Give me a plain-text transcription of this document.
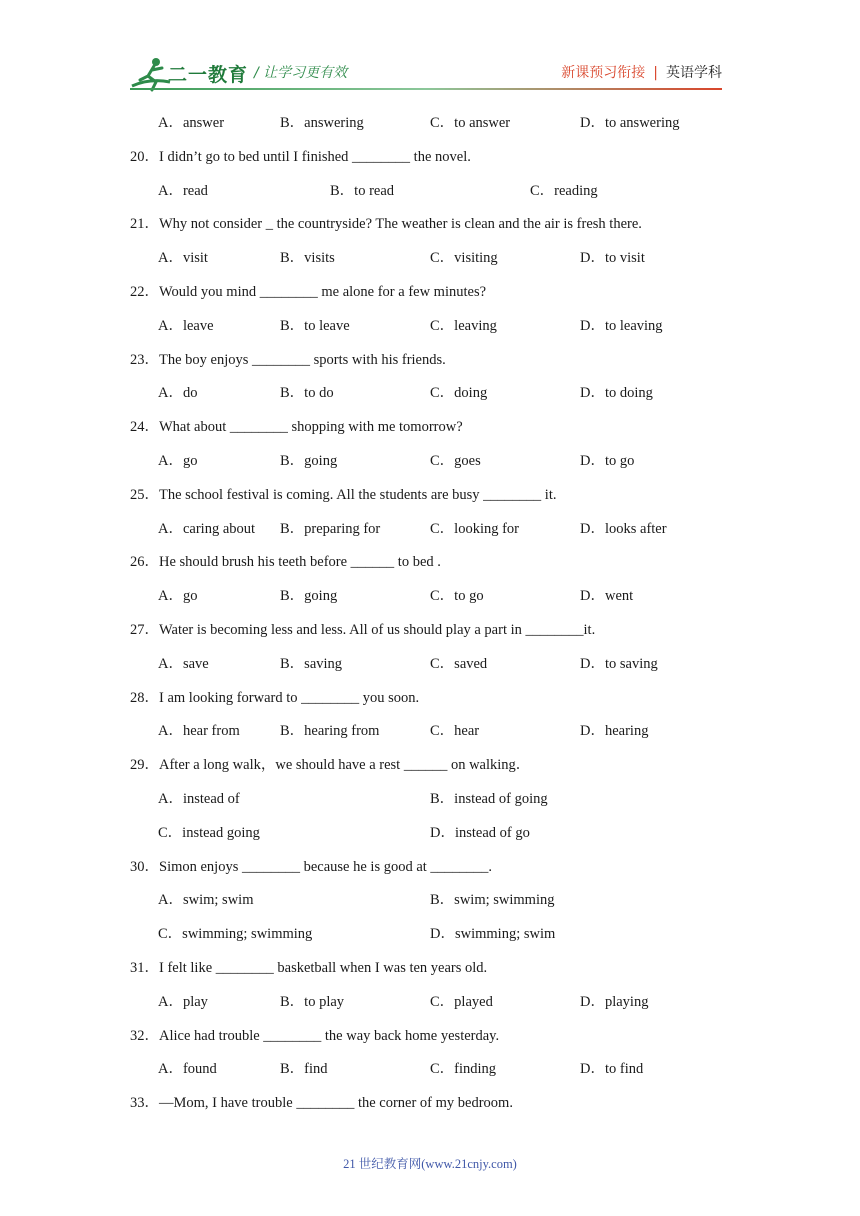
二一教育 / 让学习更有效	新课预习衔接 | 英语学科
A．answer	B．answering	C．to answer	D．to answering
20．I didn’t go to bed until I finished ________ the novel.
A．read	B．to read	C．reading
21．Why not consider _ the countryside? The weather is clean and the air is fresh there.
A．visit	B．visits	C．visiting	D．to visit
22．Would you mind ________ me alone for a few minutes?
A．leave	B．to leave	C．leaving	D．to leaving
23．The boy enjoys ________ sports with his friends.
A．do	B．to do	C．doing	D．to doing
24．What about ________ shopping with me tomorrow?
A．go	B．going	C．goes	D．to go
25．The school festival is coming. All the students are busy ________ it.
A．caring about B．preparing for	C．looking for	D．looks after
26．He should brush his teeth before ______ to bed .
A．go	B．going	C．to go	D．went
27．Water is becoming less and less. All of us should play a part in ________it.
A．save	B．saving	C．saved	D．to saving
28．I am looking forward to ________ you soon.
A．hear from	B．hearing from	C．hear	D．hearing
29．After a long walk，we should have a rest ______ on walking．
A．instead of	B．instead of going
C．instead going	D．instead of go
30．Simon enjoys ________ because he is good at ________.
A．swim; swim	B．swim; swimming
C．swimming; swimming	D．swimming; swim
31．I felt like ________ basketball when I was ten years old.
A．play	B．to play	C．played	D．playing
32．Alice had trouble ________ the way back home yesterday.
A．found	B．find	C．finding	D．to find
33．—Mom, I have trouble ________ the corner of my bedroom.
21 世纪教育网(www.21cnjy.com)
